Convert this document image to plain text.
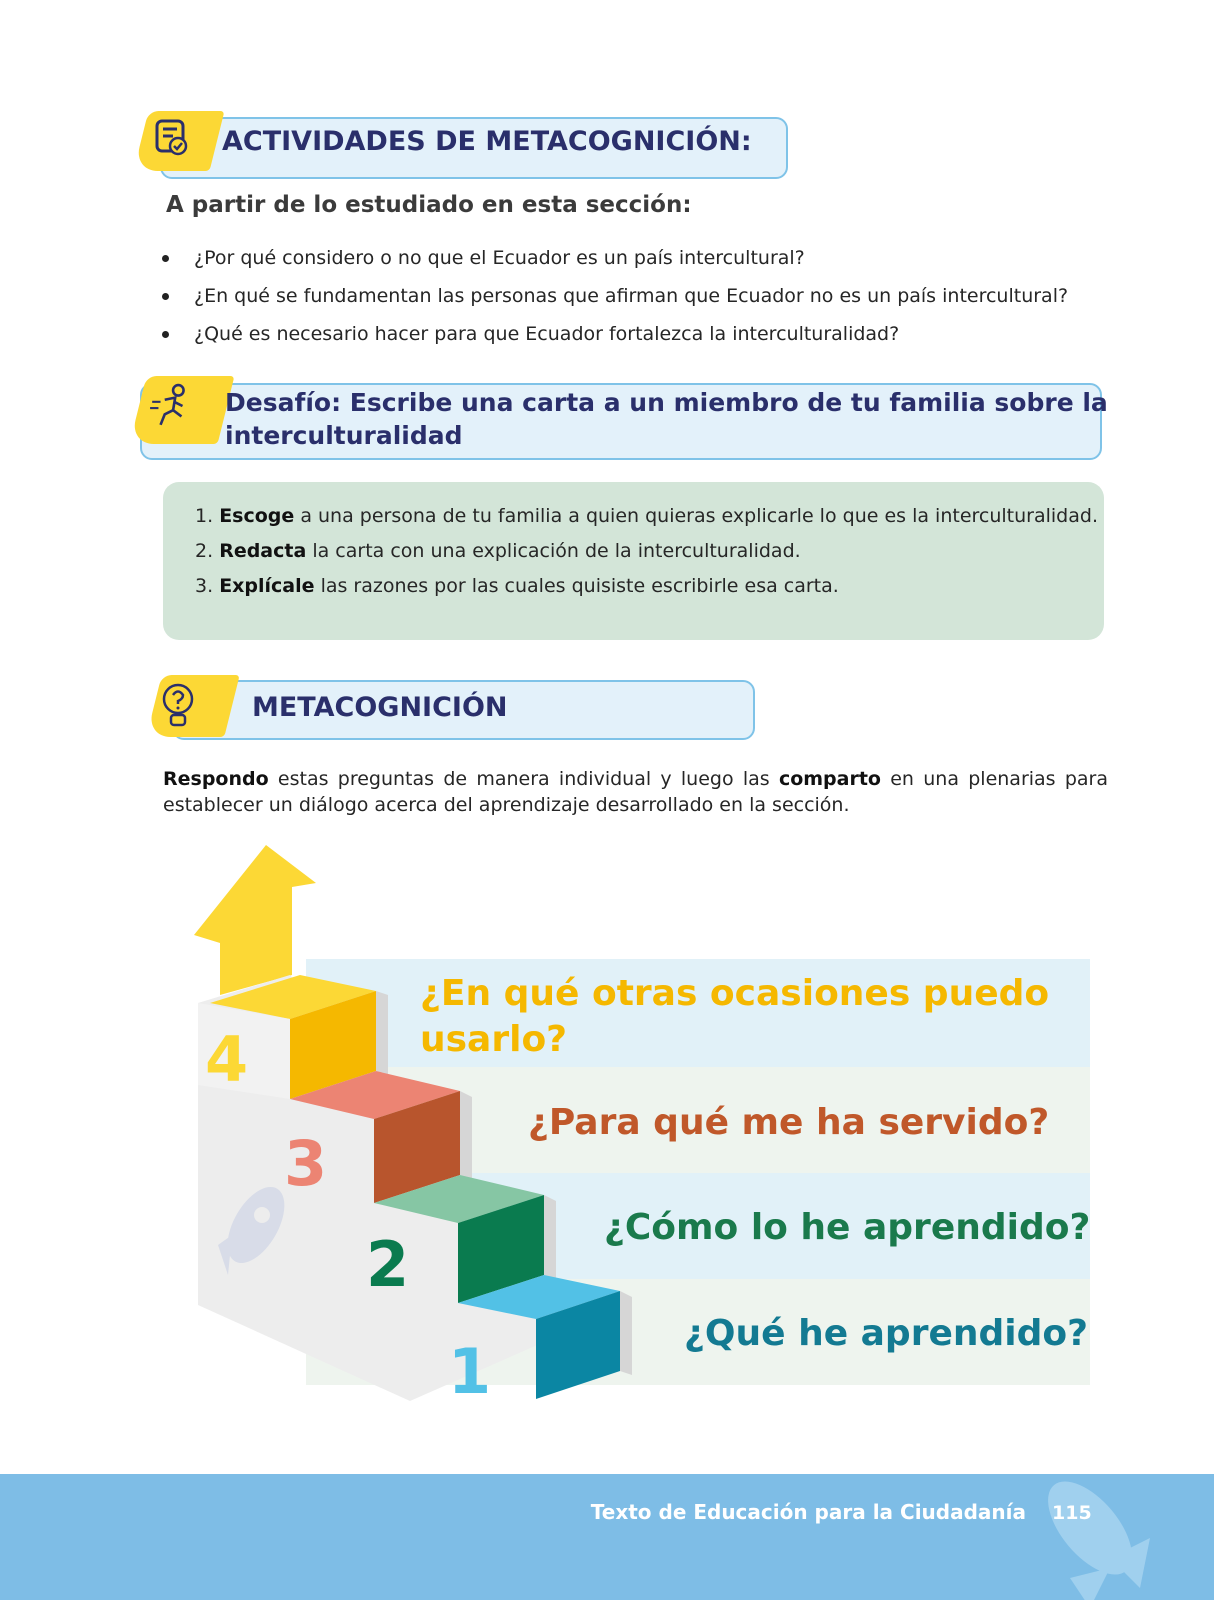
ACTIVIDADES DE METACOGNICIÓN:
A partir de lo estudiado en esta sección:
¿Por qué considero o no que el Ecuador es un país intercultural?
¿En qué se fundamentan las personas que afirman que Ecuador no es un país intercultural?
¿Qué es necesario hacer para que Ecuador fortalezca la interculturalidad?
Desafío: Escribe una carta a un miembro de tu familia sobre la
interculturalidad
1. Escoge a una persona de tu familia a quien quieras explicarle lo que es la interculturalidad.
2. Redacta la carta con una explicación de la interculturalidad.
3. Explícale las razones por las cuales quisiste escribirle esa carta.
METACOGNICIÓN
Respondo estas preguntas de manera individual y luego las comparto en una plenarias para establecer un diálogo acerca del aprendizaje desarrollado en la sección.
4
3
2
1
¿En qué otras ocasiones puedo
usarlo?
¿Para qué me ha servido?
¿Cómo lo he aprendido?
¿Qué he aprendido?
Texto de Educación para la Ciudadanía 115
